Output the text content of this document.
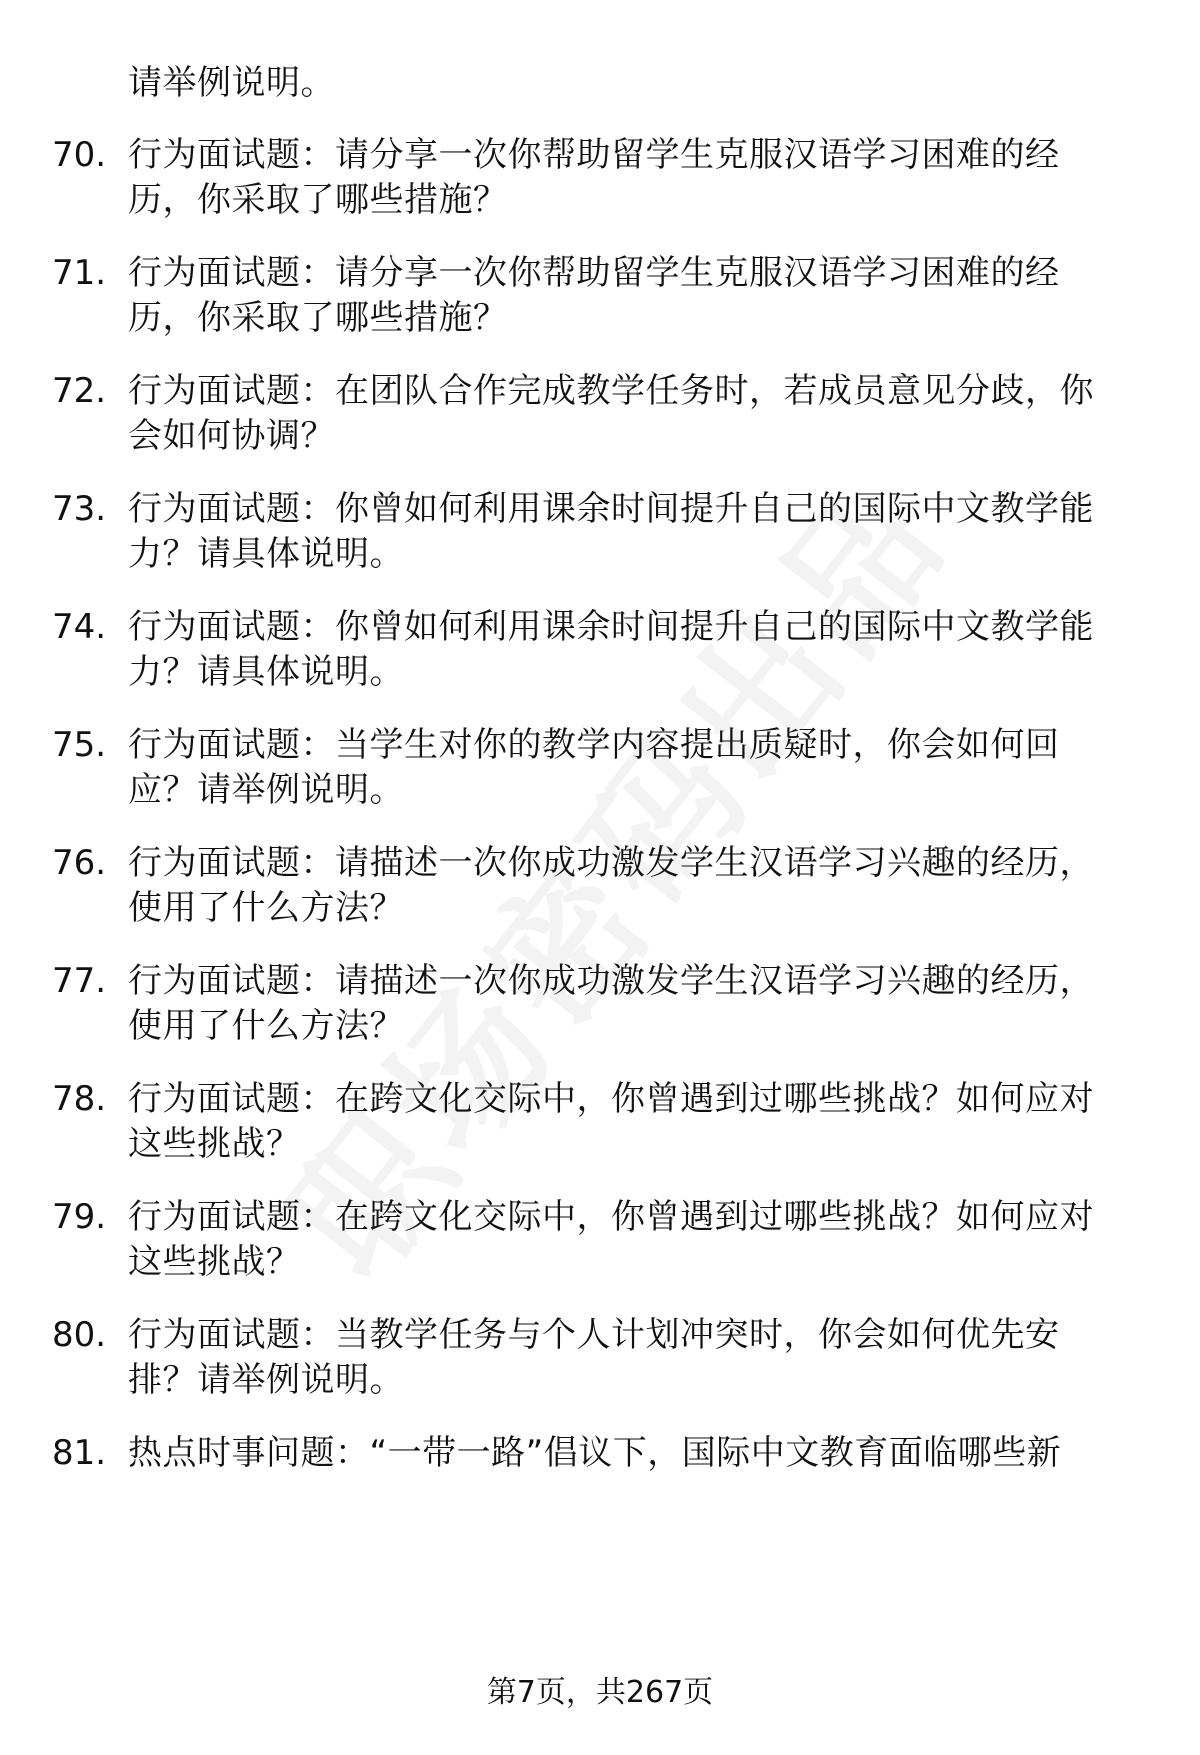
请举例说明。
70. 行为面试题：请分享一次你帮助留学生克服汉语学习困难的经
历，你采取了哪些措施？
71. 行为面试题：请分享一次你帮助留学生克服汉语学习困难的经
历，你采取了哪些措施？
72. 行为面试题：在团队合作完成教学任务时，若成员意见分歧，你
会如何协调？
73. 行为面试题：你曾如何利用课余时间提升自己的国际中文教学能
力？请具体说明。
74. 行为面试题：你曾如何利用课余时间提升自己的国际中文教学能
力？请具体说明。
75. 行为面试题：当学生对你的教学内容提出质疑时，你会如何回
应？请举例说明。
76. 行为面试题：请描述一次你成功激发学生汉语学习兴趣的经历，
使用了什么方法？
77. 行为面试题：请描述一次你成功激发学生汉语学习兴趣的经历，
使用了什么方法？
78. 行为面试题：在跨文化交际中，你曾遇到过哪些挑战？如何应对
这些挑战？
79. 行为面试题：在跨文化交际中，你曾遇到过哪些挑战？如何应对
这些挑战？
80. 行为面试题：当教学任务与个人计划冲突时，你会如何优先安
排？请举例说明。
81. 热点时事问题：“一带一路”倡议下，国际中文教育面临哪些新
第7页，共267页
